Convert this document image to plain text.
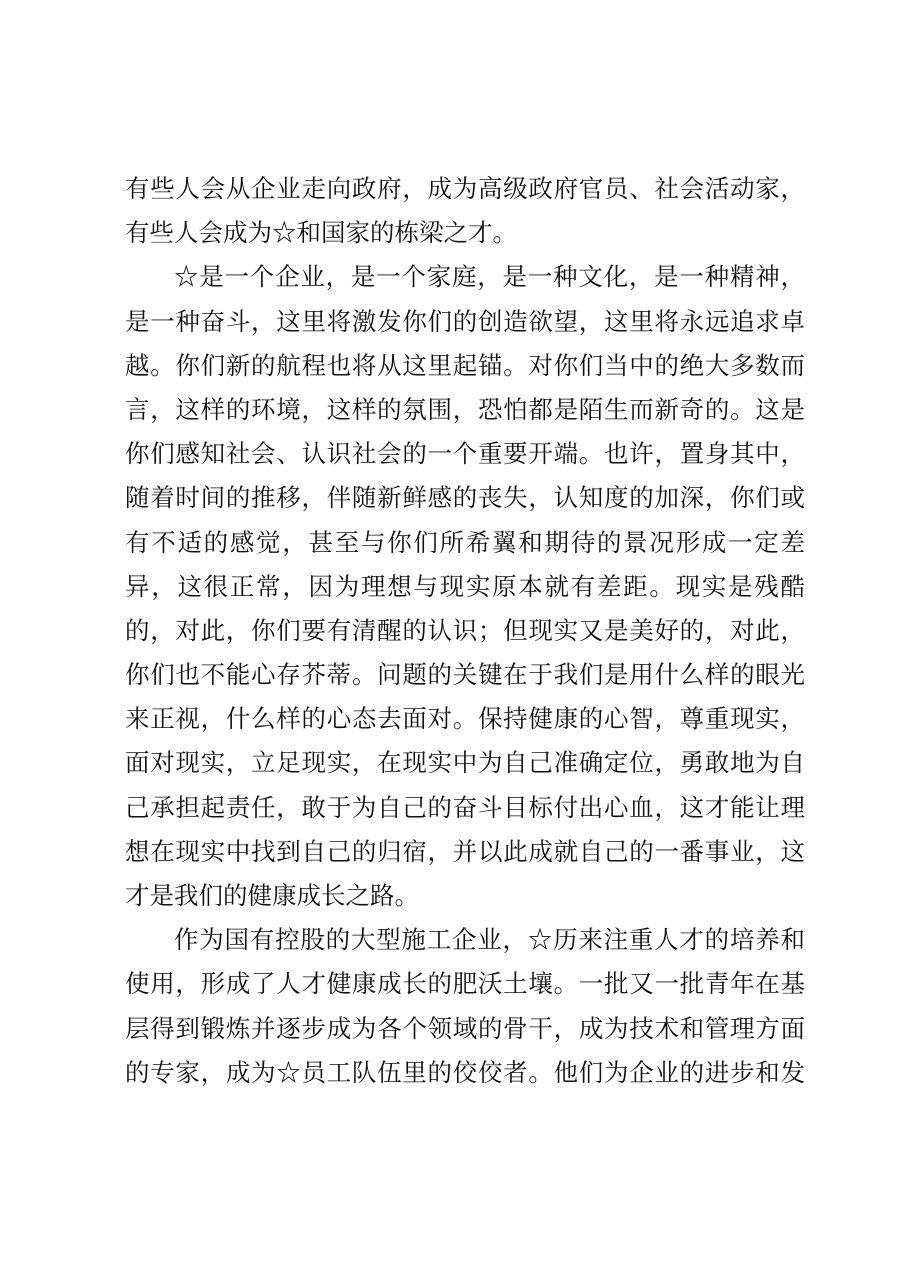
有些人会从企业走向政府，成为高级政府官员、社会活动家，
有些人会成为☆和国家的栋梁之才。
☆是一个企业，是一个家庭，是一种文化，是一种精神，
是一种奋斗，这里将激发你们的创造欲望，这里将永远追求卓
越。你们新的航程也将从这里起锚。对你们当中的绝大多数而
言，这样的环境，这样的氛围，恐怕都是陌生而新奇的。这是
你们感知社会、认识社会的一个重要开端。也许，置身其中，
随着时间的推移，伴随新鲜感的丧失，认知度的加深，你们或
有不适的感觉，甚至与你们所希翼和期待的景况形成一定差
异，这很正常，因为理想与现实原本就有差距。现实是残酷
的，对此，你们要有清醒的认识；但现实又是美好的，对此，
你们也不能心存芥蒂。问题的关键在于我们是用什么样的眼光
来正视，什么样的心态去面对。保持健康的心智，尊重现实，
面对现实，立足现实，在现实中为自己准确定位，勇敢地为自
己承担起责任，敢于为自己的奋斗目标付出心血，这才能让理
想在现实中找到自己的归宿，并以此成就自己的一番事业，这
才是我们的健康成长之路。
作为国有控股的大型施工企业，☆历来注重人才的培养和
使用，形成了人才健康成长的肥沃土壤。一批又一批青年在基
层得到锻炼并逐步成为各个领域的骨干，成为技术和管理方面
的专家，成为☆员工队伍里的佼佼者。他们为企业的进步和发
